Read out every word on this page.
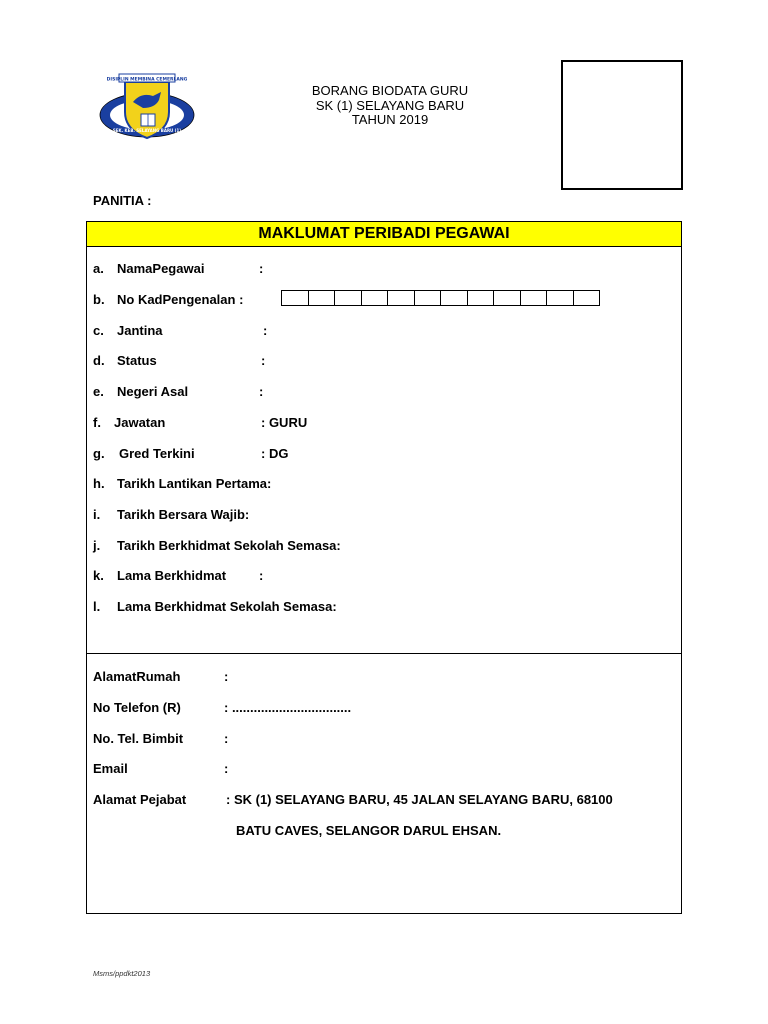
DISIPLIN MEMBINA CEMERLANG
SEK. KEB. SELAYANG BARU (1)
BORANG BIODATA GURU
SK (1) SELAYANG BARU
TAHUN 2019
PANITIA :
MAKLUMAT PERIBADI PEGAWAI
a. NamaPegawai	:
b. No KadPengenalan :
c. Jantina	:
d. Status	:
e. Negeri Asal	:
f. Jawatan	: GURU
g. Gred Terkini	: DG
h. Tarikh Lantikan Pertama:
i. Tarikh Bersara Wajib:
j. Tarikh Berkhidmat Sekolah Semasa:
k. Lama Berkhidmat	:
l. Lama Berkhidmat Sekolah Semasa:
AlamatRumah	:
No Telefon (R)	: .................................
No. Tel. Bimbit	:
Email	:
Alamat Pejabat	: SK (1) SELAYANG BARU, 45 JALAN SELAYANG BARU, 68100
BATU CAVES, SELANGOR DARUL EHSAN.
Msms/ppdkt2013
